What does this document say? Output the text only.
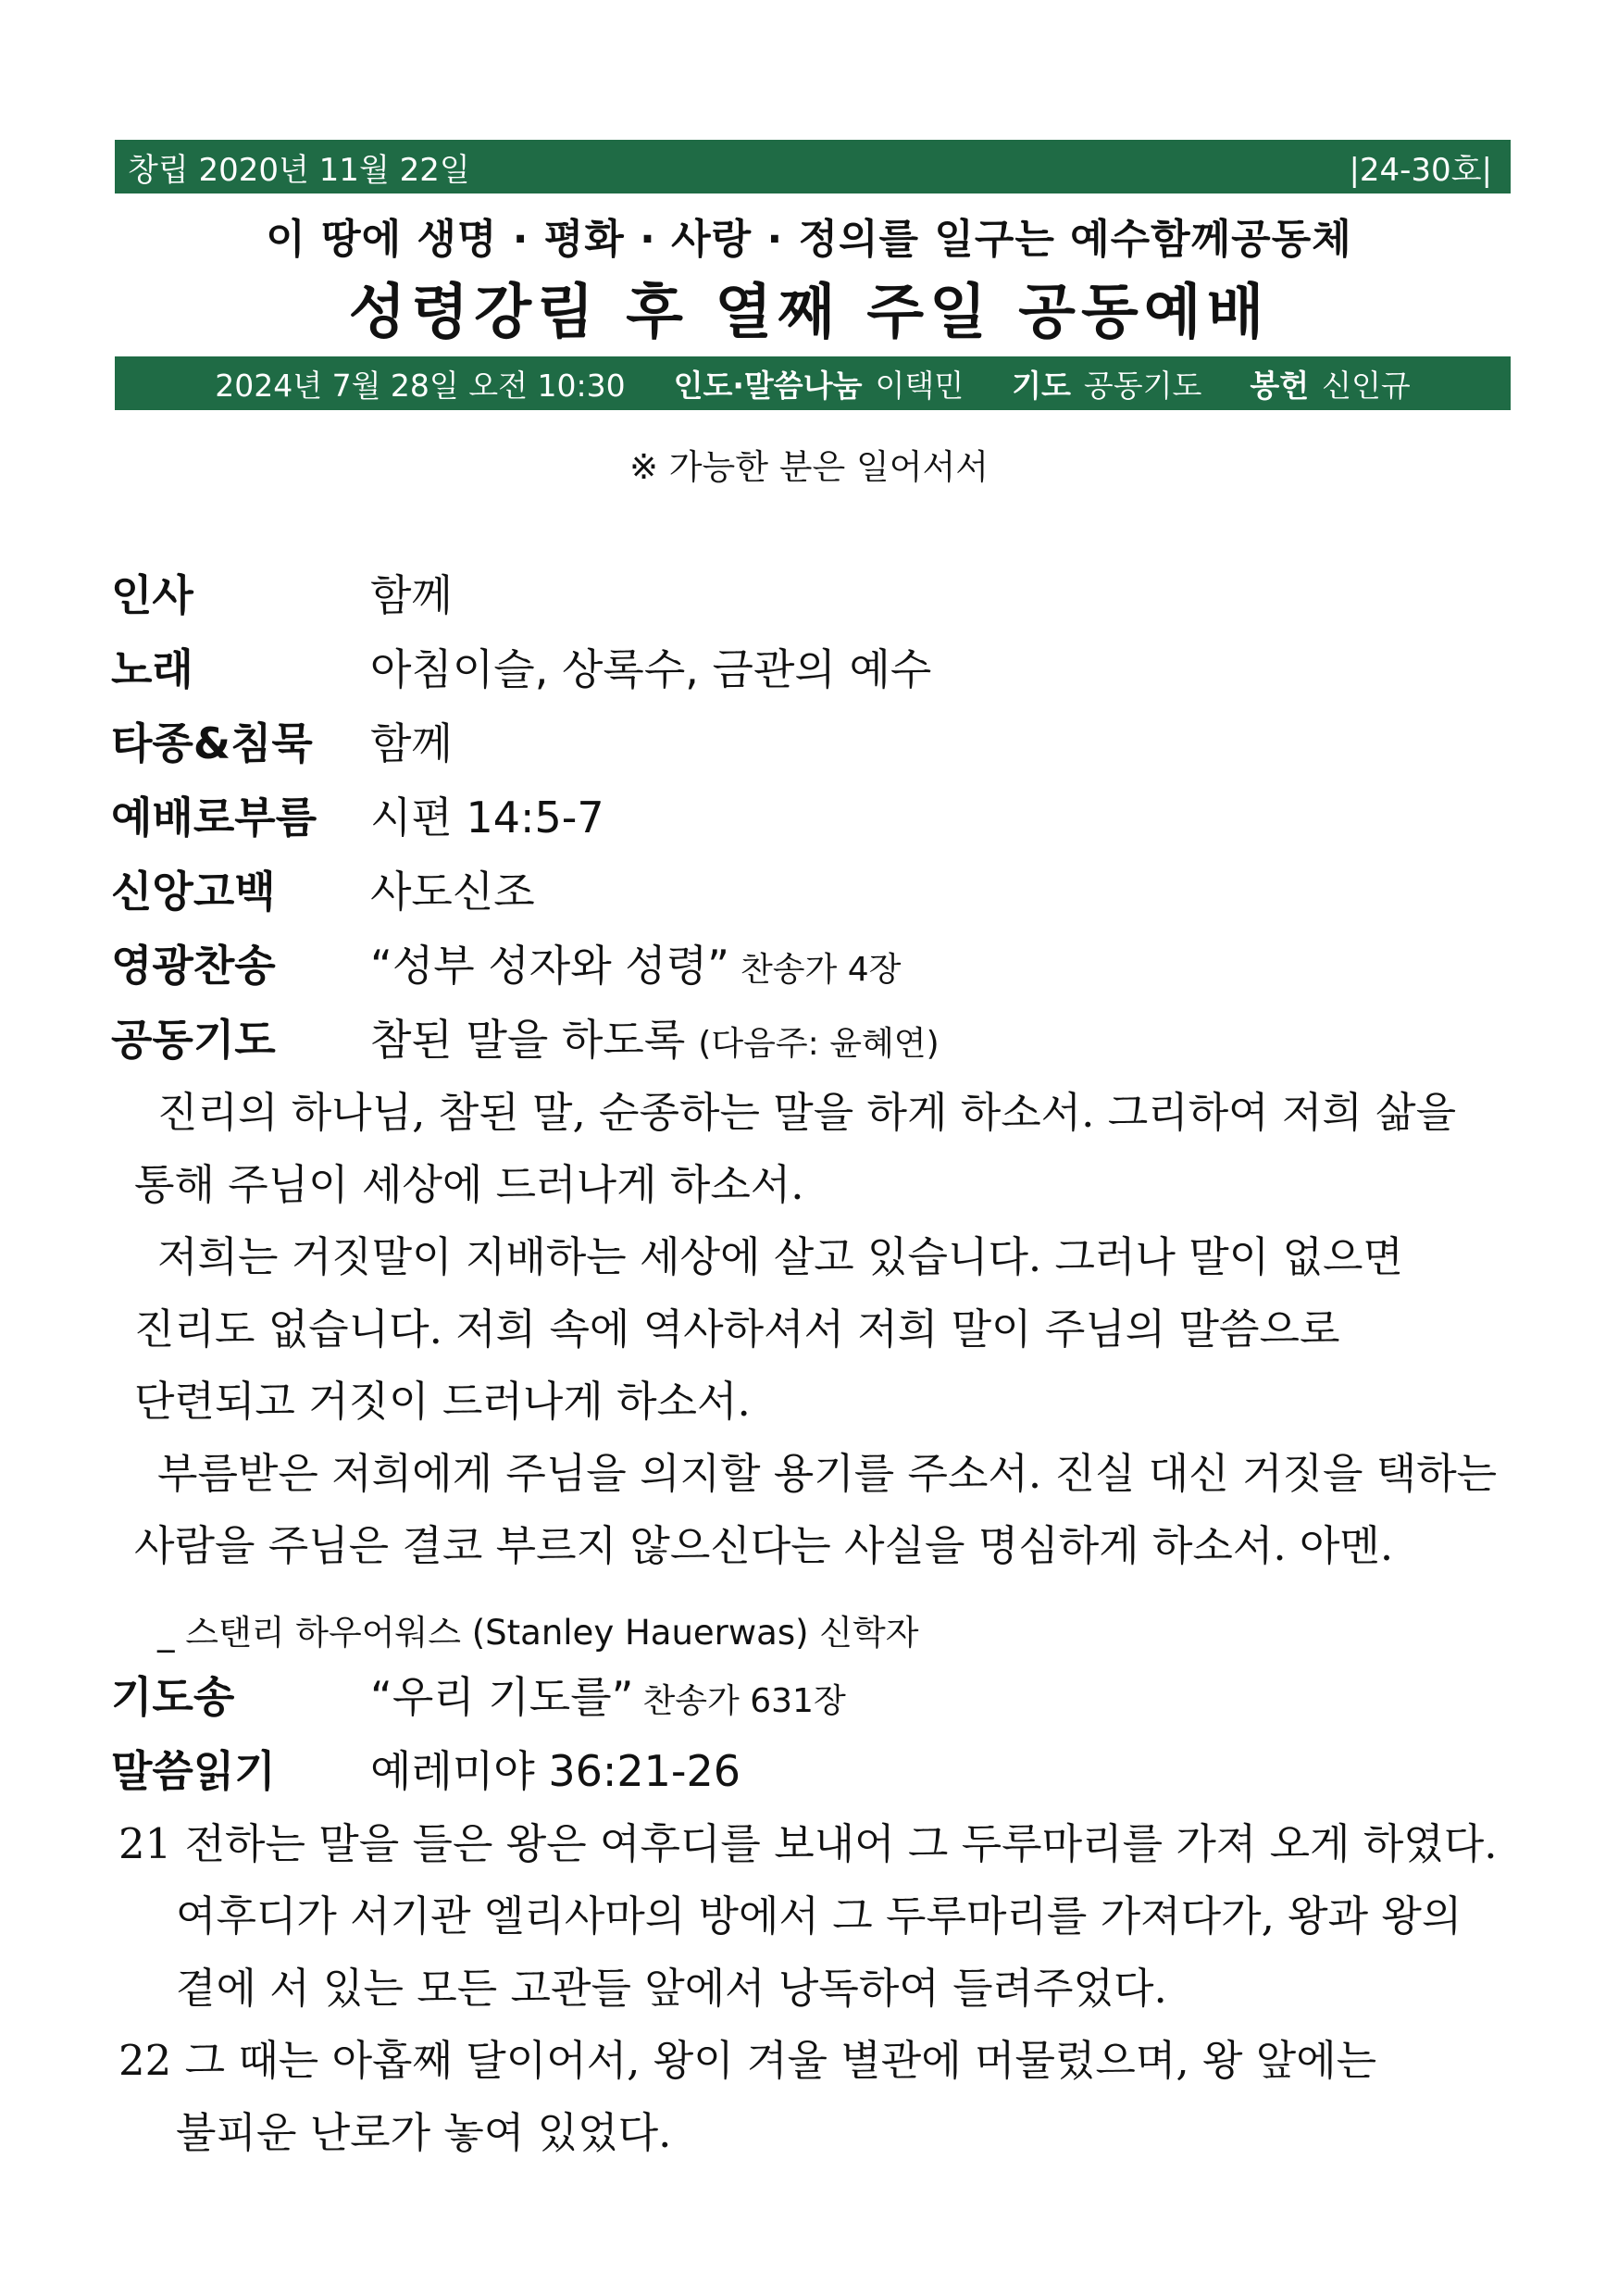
창립 2020년 11월 22일	|24-30호|
이 땅에 생명 · 평화 · 사랑 · 정의를 일구는 예수함께공동체
성령강림 후 열째 주일 공동예배
2024년 7월 28일 오전 10:30 인도·말씀나눔 이택민 기도 공동기도 봉헌 신인규
※ 가능한 분은 일어서서
인사	함께
노래	아침이슬, 상록수, 금관의 예수
타종&침묵	함께
예배로부름	시편 14:5-7
신앙고백	사도신조
영광찬송	“성부 성자와 성령” 찬송가 4장
공동기도	참된 말을 하도록 (다음주: 윤혜연)
진리의 하나님, 참된 말, 순종하는 말을 하게 하소서. 그리하여 저희 삶을
통해 주님이 세상에 드러나게 하소서.
저희는 거짓말이 지배하는 세상에 살고 있습니다. 그러나 말이 없으면
진리도 없습니다. 저희 속에 역사하셔서 저희 말이 주님의 말씀으로
단련되고 거짓이 드러나게 하소서.
부름받은 저희에게 주님을 의지할 용기를 주소서. 진실 대신 거짓을 택하는
사람을 주님은 결코 부르지 않으신다는 사실을 명심하게 하소서. 아멘.
_ 스탠리 하우어워스 (Stanley Hauerwas) 신학자
기도송	“우리 기도를” 찬송가 631장
말씀읽기	예레미야 36:21-26
21 전하는 말을 들은 왕은 여후디를 보내어 그 두루마리를 가져 오게 하였다.
여후디가 서기관 엘리사마의 방에서 그 두루마리를 가져다가, 왕과 왕의
곁에 서 있는 모든 고관들 앞에서 낭독하여 들려주었다.
22 그 때는 아홉째 달이어서, 왕이 겨울 별관에 머물렀으며, 왕 앞에는
불피운 난로가 놓여 있었다.
